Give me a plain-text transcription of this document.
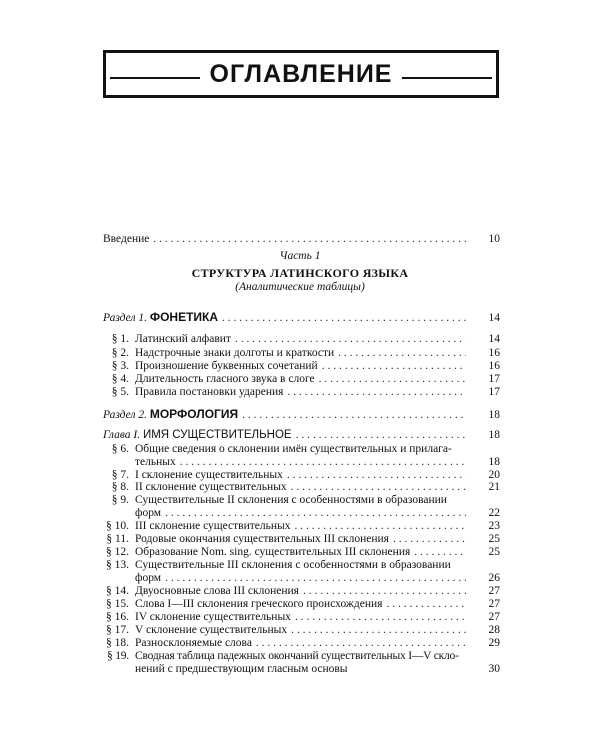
ОГЛАВЛЕНИЕ
Введение . . .	10
Часть 1
СТРУКТУРА ЛАТИНСКОГО ЯЗЫКА
(Аналитические таблицы)
Раздел 1. ФОНЕТИКА . . .	14
§ 1. Латинский алфавит . . .	14
§ 2. Надстрочные знаки долготы и краткости . . .	16
§ 3. Произношение буквенных сочетаний . . .	16
§ 4. Длительность гласного звука в слоге . . .	17
§ 5. Правила постановки ударения . . .	17
Раздел 2. МОРФОЛОГИЯ . . .	18
Глава I. ИМЯ СУЩЕСТВИТЕЛЬНОЕ . . .	18
§ 6. Общие сведения о склонении имён существительных и прилага-
тельных . . .	18
§ 7. I склонение существительных . . .	20
§ 8. II склонение существительных . . .	21
§ 9. Существительные II склонения с особенностями в образовании
форм . . .	22
§ 10. III склонение существительных . . .	23
§ 11. Родовые окончания существительных III склонения . . .	25
§ 12. Образование Nom. sing. существительных III склонения . . .	25
§ 13. Существительные III склонения с особенностями в образовании
форм . . .	26
§ 14. Двуосновные слова III склонения . . .	27
§ 15. Слова I—III склонения греческого происхождения . . .	27
§ 16. IV склонение существительных . . .	27
§ 17. V склонение существительных . . .	28
§ 18. Разносклоняемые слова . . .	29
§ 19. Сводная таблица падежных окончаний существительных I—V скло-
нений с предшествующим гласным основы	30
